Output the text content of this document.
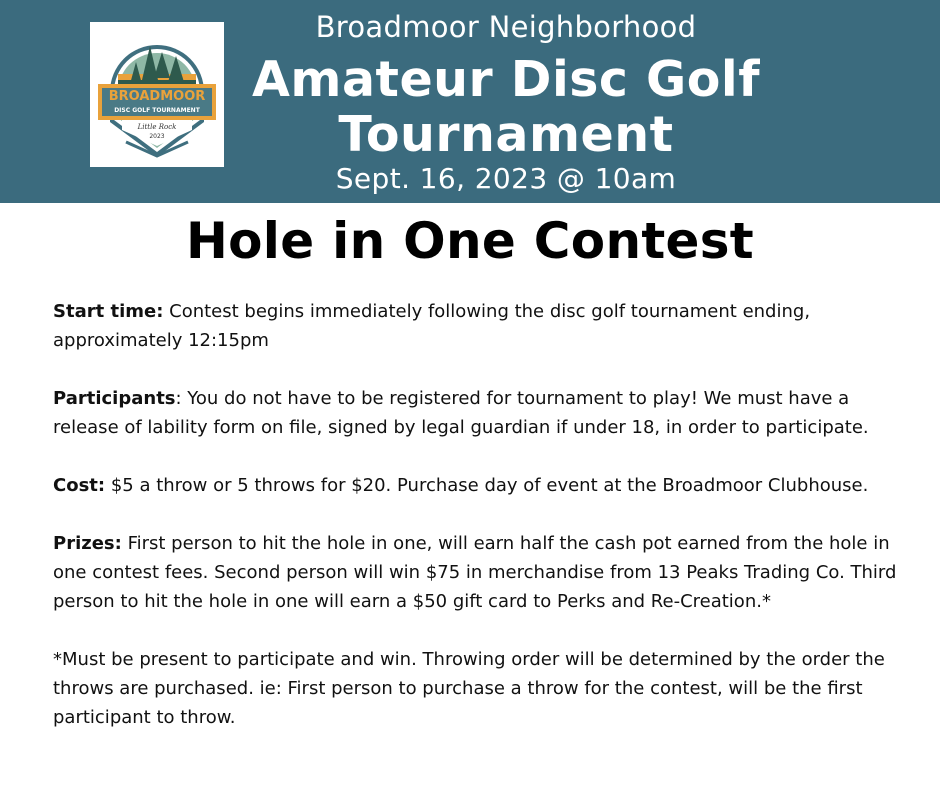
BROADMOOR
DISC GOLF TOURNAMENT
Little Rock
2023
Broadmoor Neighborhood
Amateur Disc Golf
Tournament
Sept. 16, 2023 @ 10am
Hole in One Contest

Start time: Contest begins immediately following the disc golf tournament ending, approximately 12:15pm

Participants: You do not have to be registered for tournament to play! We must have a release of lability form on file, signed by legal guardian if under 18, in order to participate.

Cost: $5 a throw or 5 throws for $20. Purchase day of event at the Broadmoor Clubhouse.

Prizes: First person to hit the hole in one, will earn half the cash pot earned from the hole in one contest fees. Second person will win $75 in merchandise from 13 Peaks Trading Co. Third person to hit the hole in one will earn a $50 gift card to Perks and Re-Creation.*

*Must be present to participate and win. Throwing order will be determined by the order the throws are purchased. ie: First person to purchase a throw for the contest, will be the first participant to throw.
